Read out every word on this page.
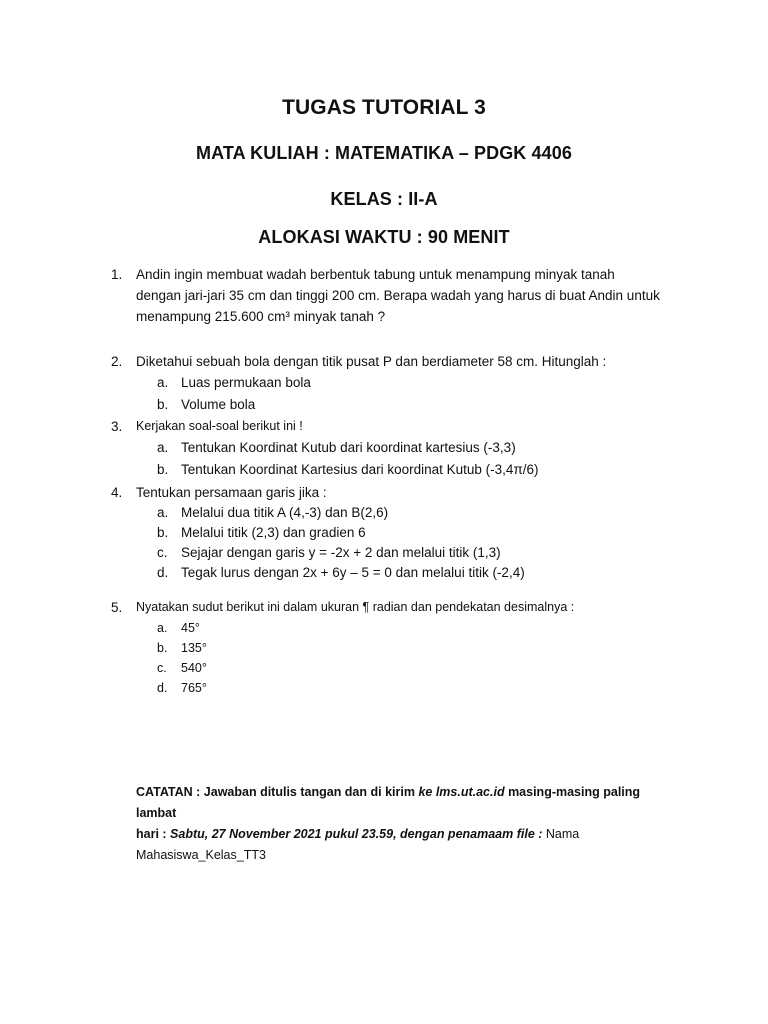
TUGAS TUTORIAL 3
MATA KULIAH : MATEMATIKA – PDGK 4406
KELAS : II-A
ALOKASI WAKTU : 90 MENIT
1. Andin ingin membuat wadah berbentuk tabung untuk menampung minyak tanah
dengan jari-jari 35 cm dan tinggi 200 cm. Berapa wadah yang harus di buat Andin untuk
menampung 215.600 cm³ minyak tanah ?
2. Diketahui sebuah bola dengan titik pusat P dan berdiameter 58 cm. Hitunglah :
a. Luas permukaan bola
b. Volume bola
3. Kerjakan soal-soal berikut ini !
a. Tentukan Koordinat Kutub dari koordinat kartesius (-3,3)
b. Tentukan Koordinat Kartesius dari koordinat Kutub (-3,4π/6)
4. Tentukan persamaan garis jika :
a. Melalui dua titik A (4,-3) dan B(2,6)
b. Melalui titik (2,3) dan gradien 6
c. Sejajar dengan garis y = -2x + 2 dan melalui titik (1,3)
d. Tegak lurus dengan 2x + 6y – 5 = 0 dan melalui titik (-2,4)
5. Nyatakan sudut berikut ini dalam ukuran ¶ radian dan pendekatan desimalnya :
a. 45°
b. 135°
c. 540°
d. 765°
CATATAN : Jawaban ditulis tangan dan di kirim ke lms.ut.ac.id masing-masing paling lambat
hari : Sabtu, 27 November 2021 pukul 23.59, dengan penamaam file : Nama
Mahasiswa_Kelas_TT3
